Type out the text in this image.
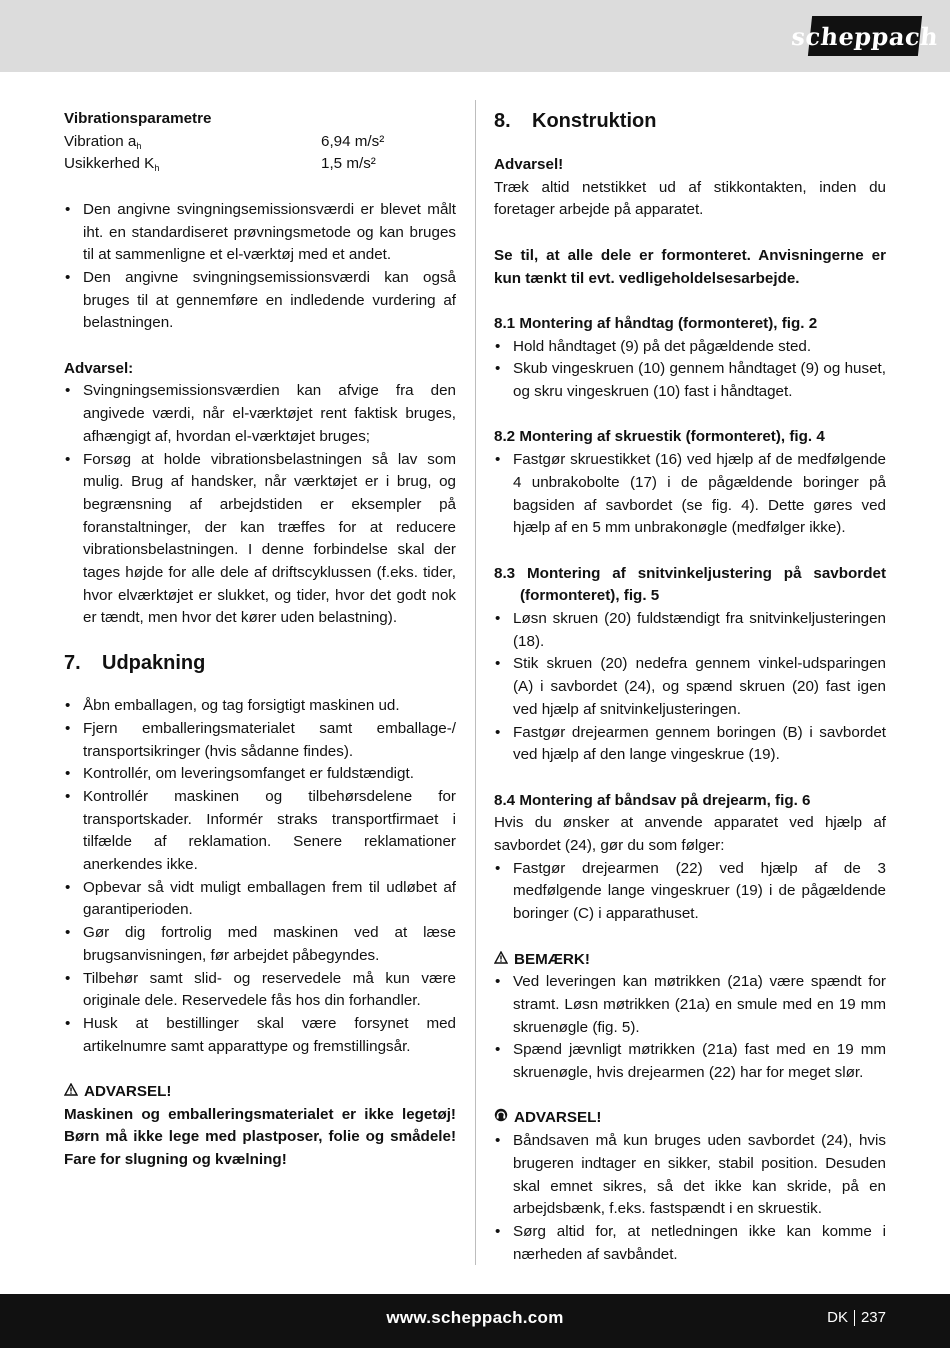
scheppach

Vibrationsparametre

Vibration $a_h$	6,94 m/s²
Usikkerhed $K_h$	1,5 m/s²
• Den angivne svingningsemissionsværdi er blevet målt iht. en standardiseret prøvningsmetode og kan bruges til at sammenligne et el-værktøj med et andet.
• Den angivne svingningsemissionsværdi kan også bruges til at gennemføre en indledende vurdering af belastningen.

Advarsel:

• Svingningsemissionsværdien kan afvige fra den angivede værdi, når el-værktøjet rent faktisk bruges, afhængigt af, hvordan el-værktøjet bruges;
• Forsøg at holde vibrationsbelastningen så lav som mulig. Brug af handsker, når værktøjet er i brug, og begrænsning af arbejdstiden er eksempler på foranstaltninger, der kan træffes for at reducere vibrationsbelastningen. I denne forbindelse skal der tages højde for alle dele af driftscyklussen (f.eks. tider, hvor elværktøjet er slukket, og tider, hvor det godt nok er tændt, men hvor det kører uden belastning).
7.	Udpakning
• Åbn emballagen, og tag forsigtigt maskinen ud.
• Fjern emballeringsmaterialet samt emballage-/ transportsikringer (hvis sådanne findes).
• Kontrollér, om leveringsomfanget er fuldstændigt.
• Kontrollér maskinen og tilbehørsdelene for transportskader. Informér straks transportfirmaet i tilfælde af reklamation. Senere reklamationer anerkendes ikke.
• Opbevar så vidt muligt emballagen frem til udløbet af garantiperioden.
• Gør dig fortrolig med maskinen ved at læse brugsanvisningen, før arbejdet påbegyndes.
• Tilbehør samt slid- og reservedele må kun være originale dele. Reservedele fås hos din forhandler.
• Husk at bestillinger skal være forsynet med artikelnumre samt apparattype og fremstillingsår.

ADVARSEL!

Maskinen og emballeringsmaterialet er ikke legetøj! Børn må ikke lege med plastposer, folie og smådele! Fare for slugning og kvælning!

8.	Konstruktion

Advarsel!

Træk altid netstikket ud af stikkontakten, inden du foretager arbejde på apparatet.

Se til, at alle dele er formonteret. Anvisningerne er kun tænkt til evt. vedligeholdelsesarbejde.

8.1 Montering af håndtag (formonteret), fig. 2

• Hold håndtaget (9) på det pågældende sted.
• Skub vingeskruen (10) gennem håndtaget (9) og huset, og skru vingeskruen (10) fast i håndtaget.

8.2 Montering af skruestik (formonteret), fig. 4

• Fastgør skruestikket (16) ved hjælp af de medfølgende 4 unbrakobolte (17) i de pågældende boringer på bagsiden af savbordet (se fig. 4). Dette gøres ved hjælp af en 5 mm unbrakonøgle (medfølger ikke).

8.3 Montering af snitvinkeljustering på savbordet (formonteret), fig. 5

• Løsn skruen (20) fuldstændigt fra snitvinkeljusteringen (18).
• Stik skruen (20) nedefra gennem vinkel-udsparingen (A) i savbordet (24), og spænd skruen (20) fast igen ved hjælp af snitvinkeljusteringen.
• Fastgør drejearmen gennem boringen (B) i savbordet ved hjælp af den lange vingeskrue (19).

8.4 Montering af båndsav på drejearm, fig. 6

Hvis du ønsker at anvende apparatet ved hjælp af savbordet (24), gør du som følger:

• Fastgør drejearmen (22) ved hjælp af de 3 medfølgende lange vingeskruer (19) i de pågældende boringer (C) i apparathuset.

BEMÆRK!

• Ved leveringen kan møtrikken (21a) være spændt for stramt. Løsn møtrikken (21a) en smule med en 19 mm skruenøgle (fig. 5).
• Spænd jævnligt møtrikken (21a) fast med en 19 mm skruenøgle, hvis drejearmen (22) har for meget slør.

ADVARSEL!

• Båndsaven må kun bruges uden savbordet (24), hvis brugeren indtager en sikker, stabil position. Desuden skal emnet sikres, så det ikke kan skride, på en arbejdsbænk, f.eks. fastspændt i en skruestik.
• Sørg altid for, at netledningen ikke kan komme i nærheden af savbåndet.
www.scheppach.com	DK 237
